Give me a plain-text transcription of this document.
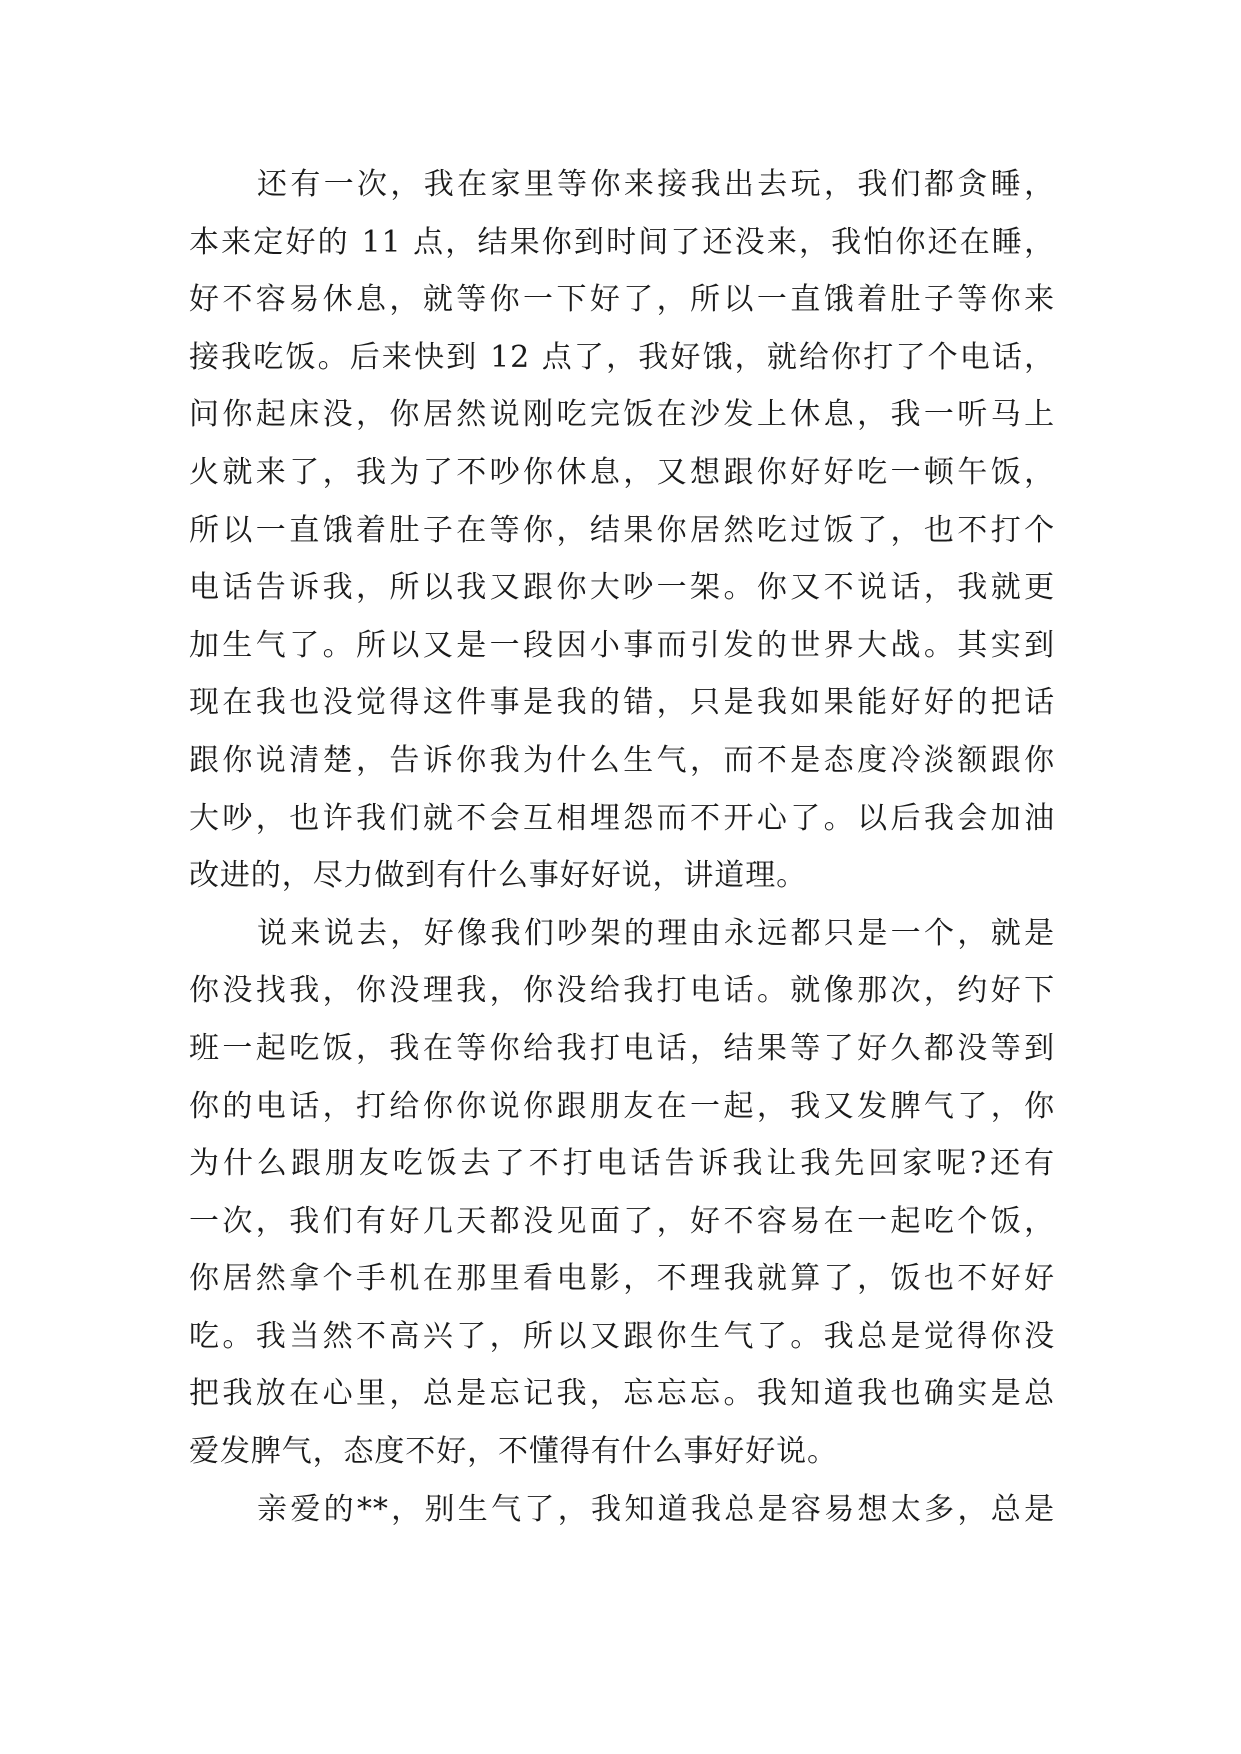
还有一次，我在家里等你来接我出去玩，我们都贪睡，
本来定好的 11 点，结果你到时间了还没来，我怕你还在睡，
好不容易休息，就等你一下好了，所以一直饿着肚子等你来
接我吃饭。后来快到 12 点了，我好饿，就给你打了个电话，
问你起床没，你居然说刚吃完饭在沙发上休息，我一听马上
火就来了，我为了不吵你休息，又想跟你好好吃一顿午饭，
所以一直饿着肚子在等你，结果你居然吃过饭了，也不打个
电话告诉我，所以我又跟你大吵一架。你又不说话，我就更
加生气了。所以又是一段因小事而引发的世界大战。其实到
现在我也没觉得这件事是我的错，只是我如果能好好的把话
跟你说清楚，告诉你我为什么生气，而不是态度冷淡额跟你
大吵，也许我们就不会互相埋怨而不开心了。以后我会加油
改进的，尽力做到有什么事好好说，讲道理。
说来说去，好像我们吵架的理由永远都只是一个，就是
你没找我，你没理我，你没给我打电话。就像那次，约好下
班一起吃饭，我在等你给我打电话，结果等了好久都没等到
你的电话，打给你你说你跟朋友在一起，我又发脾气了，你
为什么跟朋友吃饭去了不打电话告诉我让我先回家呢?还有
一次，我们有好几天都没见面了，好不容易在一起吃个饭，
你居然拿个手机在那里看电影，不理我就算了，饭也不好好
吃。我当然不高兴了，所以又跟你生气了。我总是觉得你没
把我放在心里，总是忘记我，忘忘忘。我知道我也确实是总
爱发脾气，态度不好，不懂得有什么事好好说。
亲爱的**，别生气了，我知道我总是容易想太多，总是
